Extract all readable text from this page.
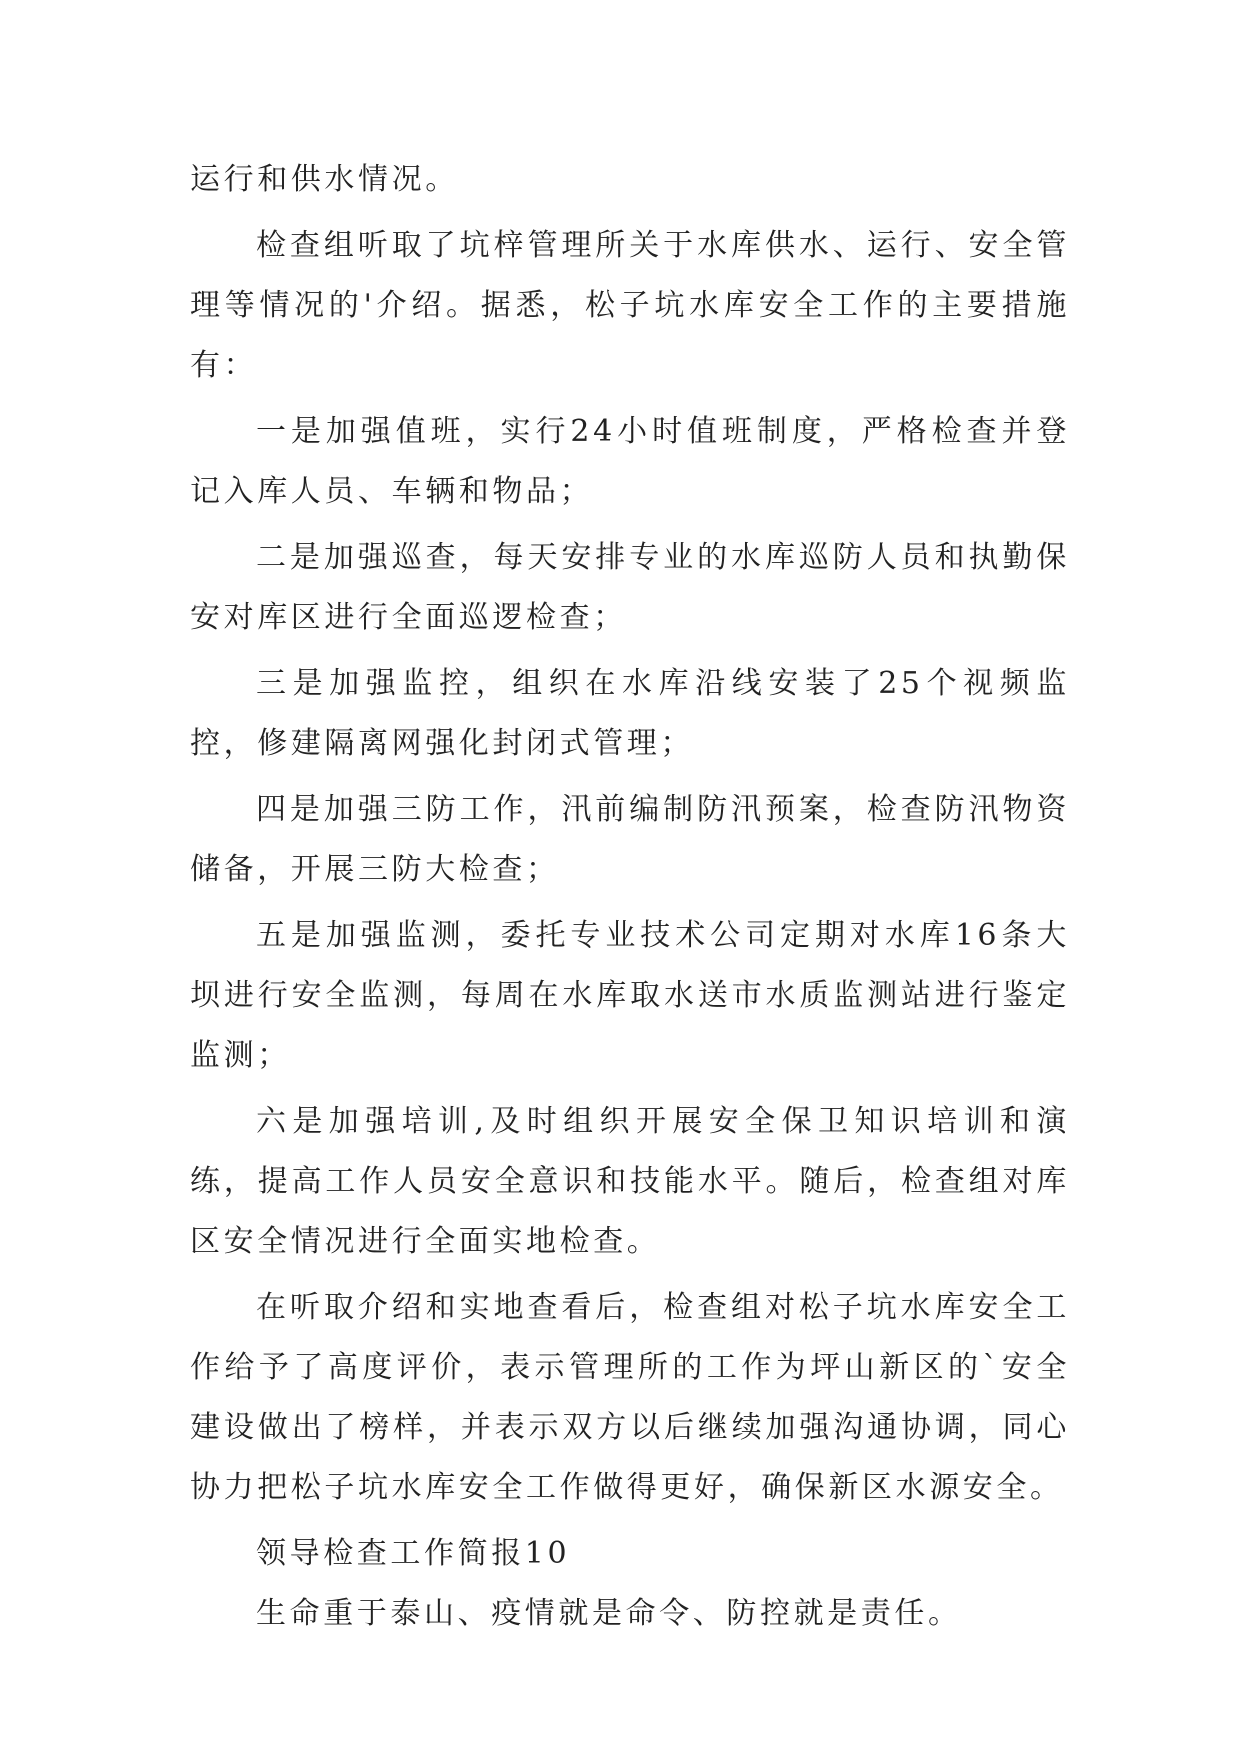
运行和供水情况。

检查组听取了坑梓管理所关于水库供水、运行、安全管理等情况的'介绍。据悉，松子坑水库安全工作的主要措施有：

一是加强值班，实行24小时值班制度，严格检查并登记入库人员、车辆和物品；

二是加强巡查，每天安排专业的水库巡防人员和执勤保安对库区进行全面巡逻检查；

三是加强监控，组织在水库沿线安装了25个视频监控，修建隔离网强化封闭式管理；

四是加强三防工作，汛前编制防汛预案，检查防汛物资储备，开展三防大检查；

五是加强监测，委托专业技术公司定期对水库16条大坝进行安全监测，每周在水库取水送市水质监测站进行鉴定监测；

六是加强培训,及时组织开展安全保卫知识培训和演练，提高工作人员安全意识和技能水平。随后，检查组对库区安全情况进行全面实地检查。

在听取介绍和实地查看后，检查组对松子坑水库安全工作给予了高度评价，表示管理所的工作为坪山新区的`安全建设做出了榜样，并表示双方以后继续加强沟通协调，同心协力把松子坑水库安全工作做得更好，确保新区水源安全。

领导检查工作简报10

生命重于泰山、疫情就是命令、防控就是责任。
